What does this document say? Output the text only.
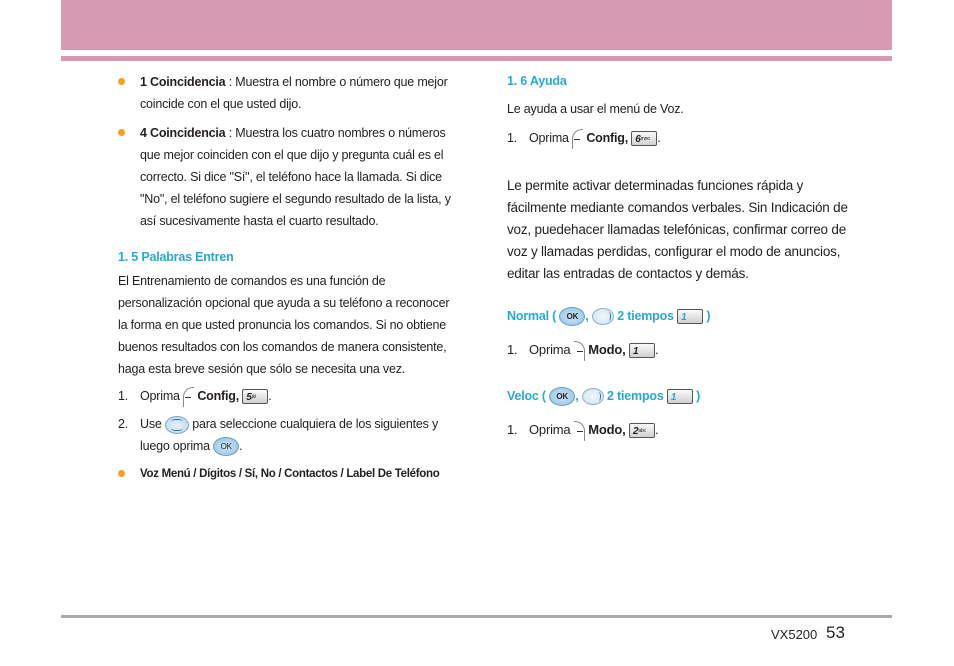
1 Coincidencia : Muestra el nombre o número que mejor coincide con el que usted dijo.

4 Coincidencia : Muestra los cuatro nombres o números que mejor coinciden con el que dijo y pregunta cuál es el correcto. Si dice "Sí", el teléfono hace la llamada. Si dice "No", el teléfono sugiere el segundo resultado de la lista, y así sucesivamente hasta el cuarto resultado.

1. 5 Palabras Entren

El Entrenamiento de comandos es una función de personalización opcional que ayuda a su teléfono a reconocer la forma en que usted pronuncia los comandos. Si no obtiene buenos resultados con los comandos de manera consistente, haga esta breve sesión que sólo se necesita una vez.

1. Oprima Config, $5^{jkl}$ .
2. Use para seleccione cualquiera de los siguientes y luego oprima OK .

Voz Menú / Dígitos / Sí, No / Contactos / Label De Teléfono

1. 6 Ayuda

Le ayuda a usar el menú de Voz.

1. Oprima Config, $6^{mno}$ .

Le permite activar determinadas funciones rápida y fácilmente mediante comandos verbales. Sin Indicación de voz, puedehacer llamadas telefónicas, confirmar correo de voz y llamadas perdidas, configurar el modo de anuncios, editar las entradas de contactos y demás.

Normal ( OK , 2 tiempos 1 )

1. Oprima Modo, 1 .

Veloc ( OK , 2 tiempos 1 )

1. Oprima Modo, $2^{abc}$ .
VX5200 53
